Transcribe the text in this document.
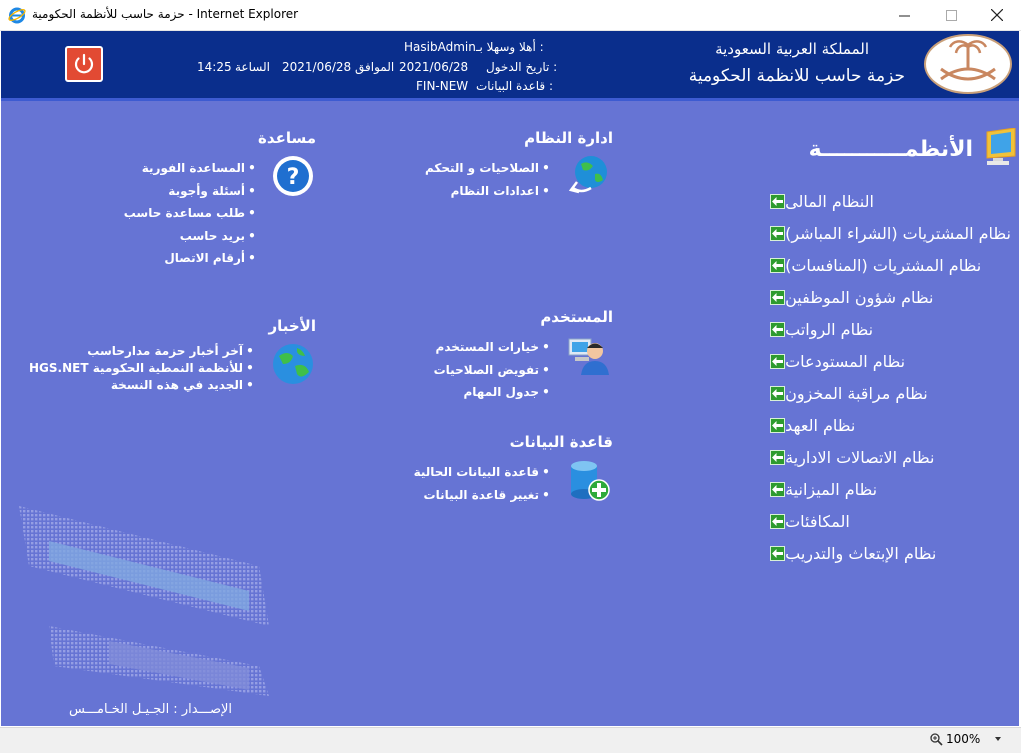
حزمة حاسب للأنظمة الحكومية - Internet Explorer
المملكة العربية السعودية
حزمة حاسب للانظمة الحكومية
أهلا وسهلا بـ :
HasibAdmin
تاريخ الدخول :
2021/06/28
الموافق
2021/06/28
الساعة
14:25
قاعدة البيانات :
FIN-NEW
الأنظمـــــــــــة
النظام المالى
نظام المشتريات (الشراء المباشر)
نظام المشتريات (المنافسات)
نظام شؤون الموظفين
نظام الرواتب
نظام المستودعات
نظام مراقبة المخزون
نظام العهد
نظام الاتصالات الادارية
نظام الميزانية
المكافئات
نظام الإبتعاث والتدريب
ادارة النظام
• الصلاحيات و التحكم
• اعدادات النظام
مساعدة
?
• المساعدة الفورية
• أسئلة وأجوبة
• طلب مساعدة حاسب
• بريد حاسب
• أرقام الاتصال
المستخدم
• خيارات المستخدم
• تفويض الصلاحيات
• جدول المهام
الأخبار
• آخر أخبار حزمة مدارحاسب
• للأنظمة النمطية الحكومية HGS.NET
• الجديد في هذه النسخة
قاعدة البيانات
• قاعدة البيانات الحالية
• تغيير قاعدة البيانات
الإصـــدار : الجـيـل الخـامـــس
100%
